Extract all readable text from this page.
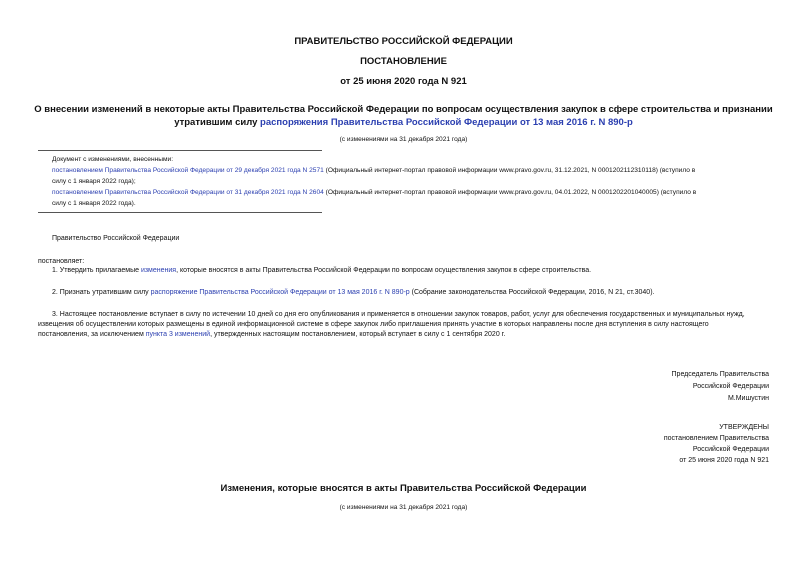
ПРАВИТЕЛЬСТВО РОССИЙСКОЙ ФЕДЕРАЦИИ
ПОСТАНОВЛЕНИЕ
от 25 июня 2020 года N 921
О внесении изменений в некоторые акты Правительства Российской Федерации по вопросам осуществления закупок в сфере строительства и признании
утратившим силу распоряжения Правительства Российской Федерации от 13 мая 2016 г. N 890-р
(с изменениями на 31 декабря 2021 года)
Документ с изменениями, внесенными:
постановлением Правительства Российской Федерации от 29 декабря 2021 года N 2571 (Официальный интернет-портал правовой информации www.pravo.gov.ru, 31.12.2021, N 0001202112310118) (вступило в
силу с 1 января 2022 года);
постановлением Правительства Российской Федерации от 31 декабря 2021 года N 2604 (Официальный интернет-портал правовой информации www.pravo.gov.ru, 04.01.2022, N 0001202201040005) (вступило в
силу с 1 января 2022 года).
Правительство Российской Федерации
постановляет:
1. Утвердить прилагаемые изменения, которые вносятся в акты Правительства Российской Федерации по вопросам осуществления закупок в сфере строительства.
2. Признать утратившим силу распоряжение Правительства Российской Федерации от 13 мая 2016 г. N 890-р (Собрание законодательства Российской Федерации, 2016, N 21, ст.3040).
3. Настоящее постановление вступает в силу по истечении 10 дней со дня его опубликования и применяется в отношении закупок товаров, работ, услуг для обеспечения государственных и муниципальных нужд,
извещения об осуществлении которых размещены в единой информационной системе в сфере закупок либо приглашения принять участие в которых направлены после дня вступления в силу настоящего
постановления, за исключением пункта 3 изменений, утвержденных настоящим постановлением, который вступает в силу с 1 сентября 2020 г.
Председатель Правительства
Российской Федерации
М.Мишустин
УТВЕРЖДЕНЫ
постановлением Правительства
Российской Федерации
от 25 июня 2020 года N 921
Изменения, которые вносятся в акты Правительства Российской Федерации
(с изменениями на 31 декабря 2021 года)
